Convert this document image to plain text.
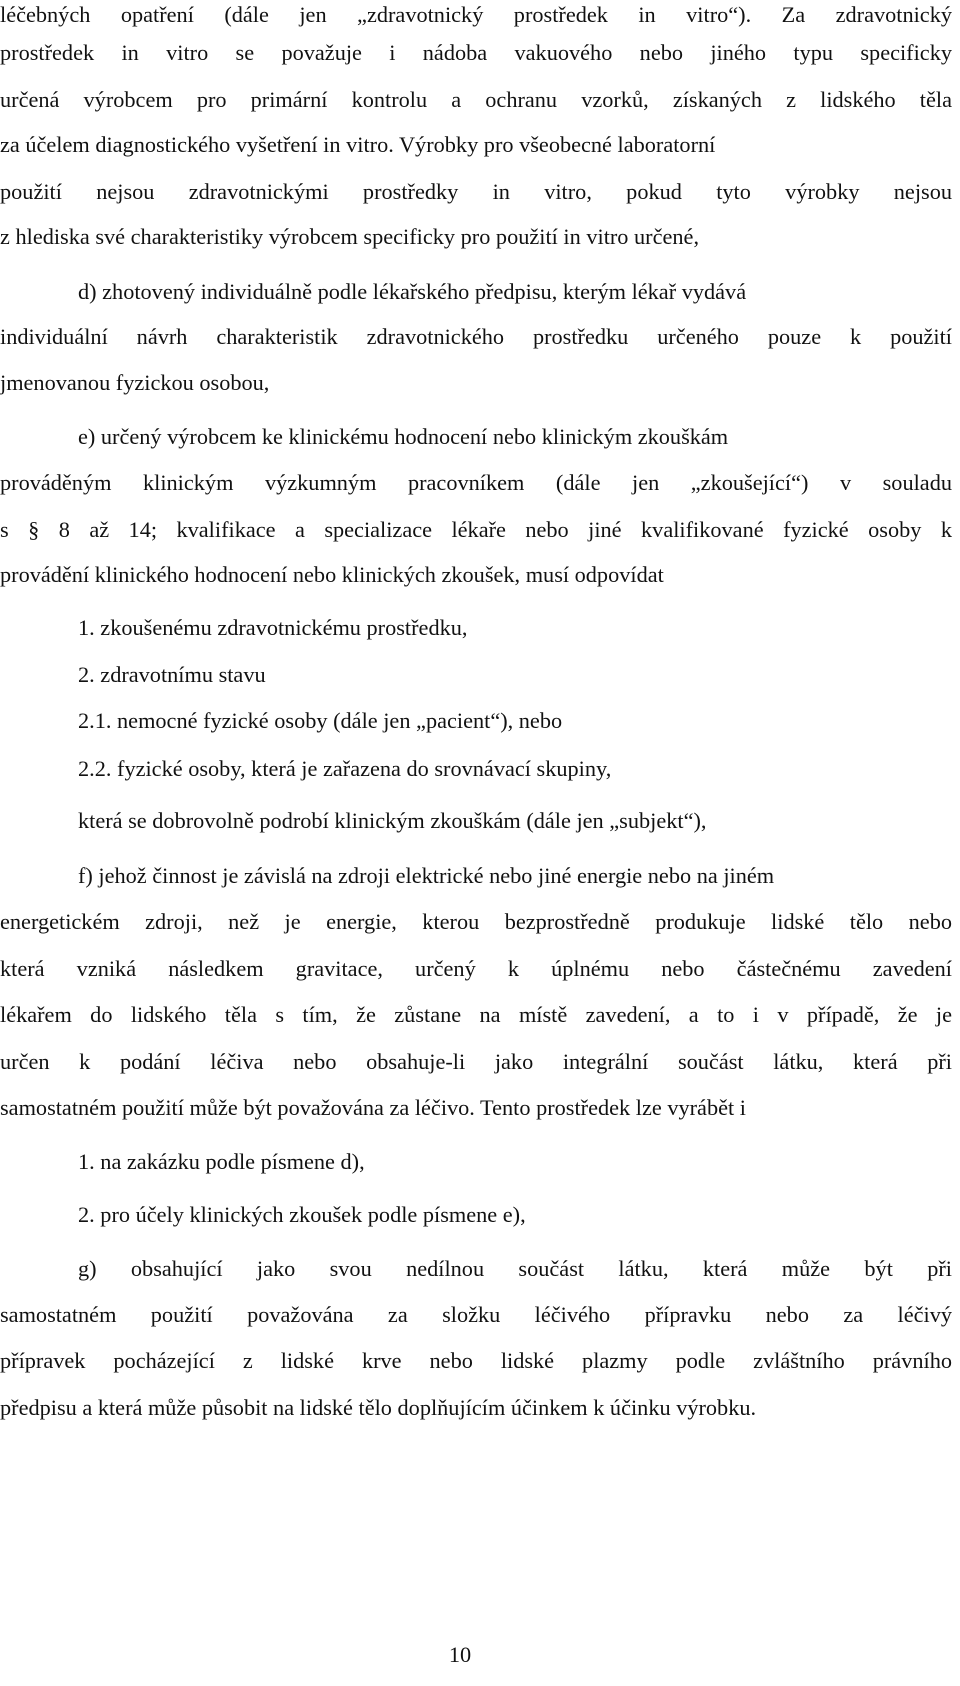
léčebných opatření (dále jen „zdravotnický prostředek in vitro“). Za zdravotnický

prostředek in vitro se považuje i nádoba vakuového nebo jiného typu specificky

určená výrobcem pro primární kontrolu a ochranu vzorků, získaných z lidského těla

za účelem diagnostického vyšetření in vitro. Výrobky pro všeobecné laboratorní

použití nejsou zdravotnickými prostředky in vitro, pokud tyto výrobky nejsou

z hlediska své charakteristiky výrobcem specificky pro použití in vitro určené,

d) zhotovený individuálně podle lékařského předpisu, kterým lékař vydává

individuální návrh charakteristik zdravotnického prostředku určeného pouze k použití

jmenovanou fyzickou osobou,

e) určený výrobcem ke klinickému hodnocení nebo klinickým zkouškám

prováděným klinickým výzkumným pracovníkem (dále jen „zkoušející“) v souladu

s § 8 až 14; kvalifikace a specializace lékaře nebo jiné kvalifikované fyzické osoby k

provádění klinického hodnocení nebo klinických zkoušek, musí odpovídat

1. zkoušenému zdravotnickému prostředku,

2. zdravotnímu stavu

2.1. nemocné fyzické osoby (dále jen „pacient“), nebo

2.2. fyzické osoby, která je zařazena do srovnávací skupiny,

která se dobrovolně podrobí klinickým zkouškám (dále jen „subjekt“),

f) jehož činnost je závislá na zdroji elektrické nebo jiné energie nebo na jiném

energetickém zdroji, než je energie, kterou bezprostředně produkuje lidské tělo nebo

která vzniká následkem gravitace, určený k úplnému nebo částečnému zavedení

lékařem do lidského těla s tím, že zůstane na místě zavedení, a to i v případě, že je

určen k podání léčiva nebo obsahuje-li jako integrální součást látku, která při

samostatném použití může být považována za léčivo. Tento prostředek lze vyrábět i

1. na zakázku podle písmene d),

2. pro účely klinických zkoušek podle písmene e),

g) obsahující jako svou nedílnou součást látku, která může být při

samostatném použití považována za složku léčivého přípravku nebo za léčivý

přípravek pocházející z lidské krve nebo lidské plazmy podle zvláštního právního

předpisu a která může působit na lidské tělo doplňujícím účinkem k účinku výrobku.

10
